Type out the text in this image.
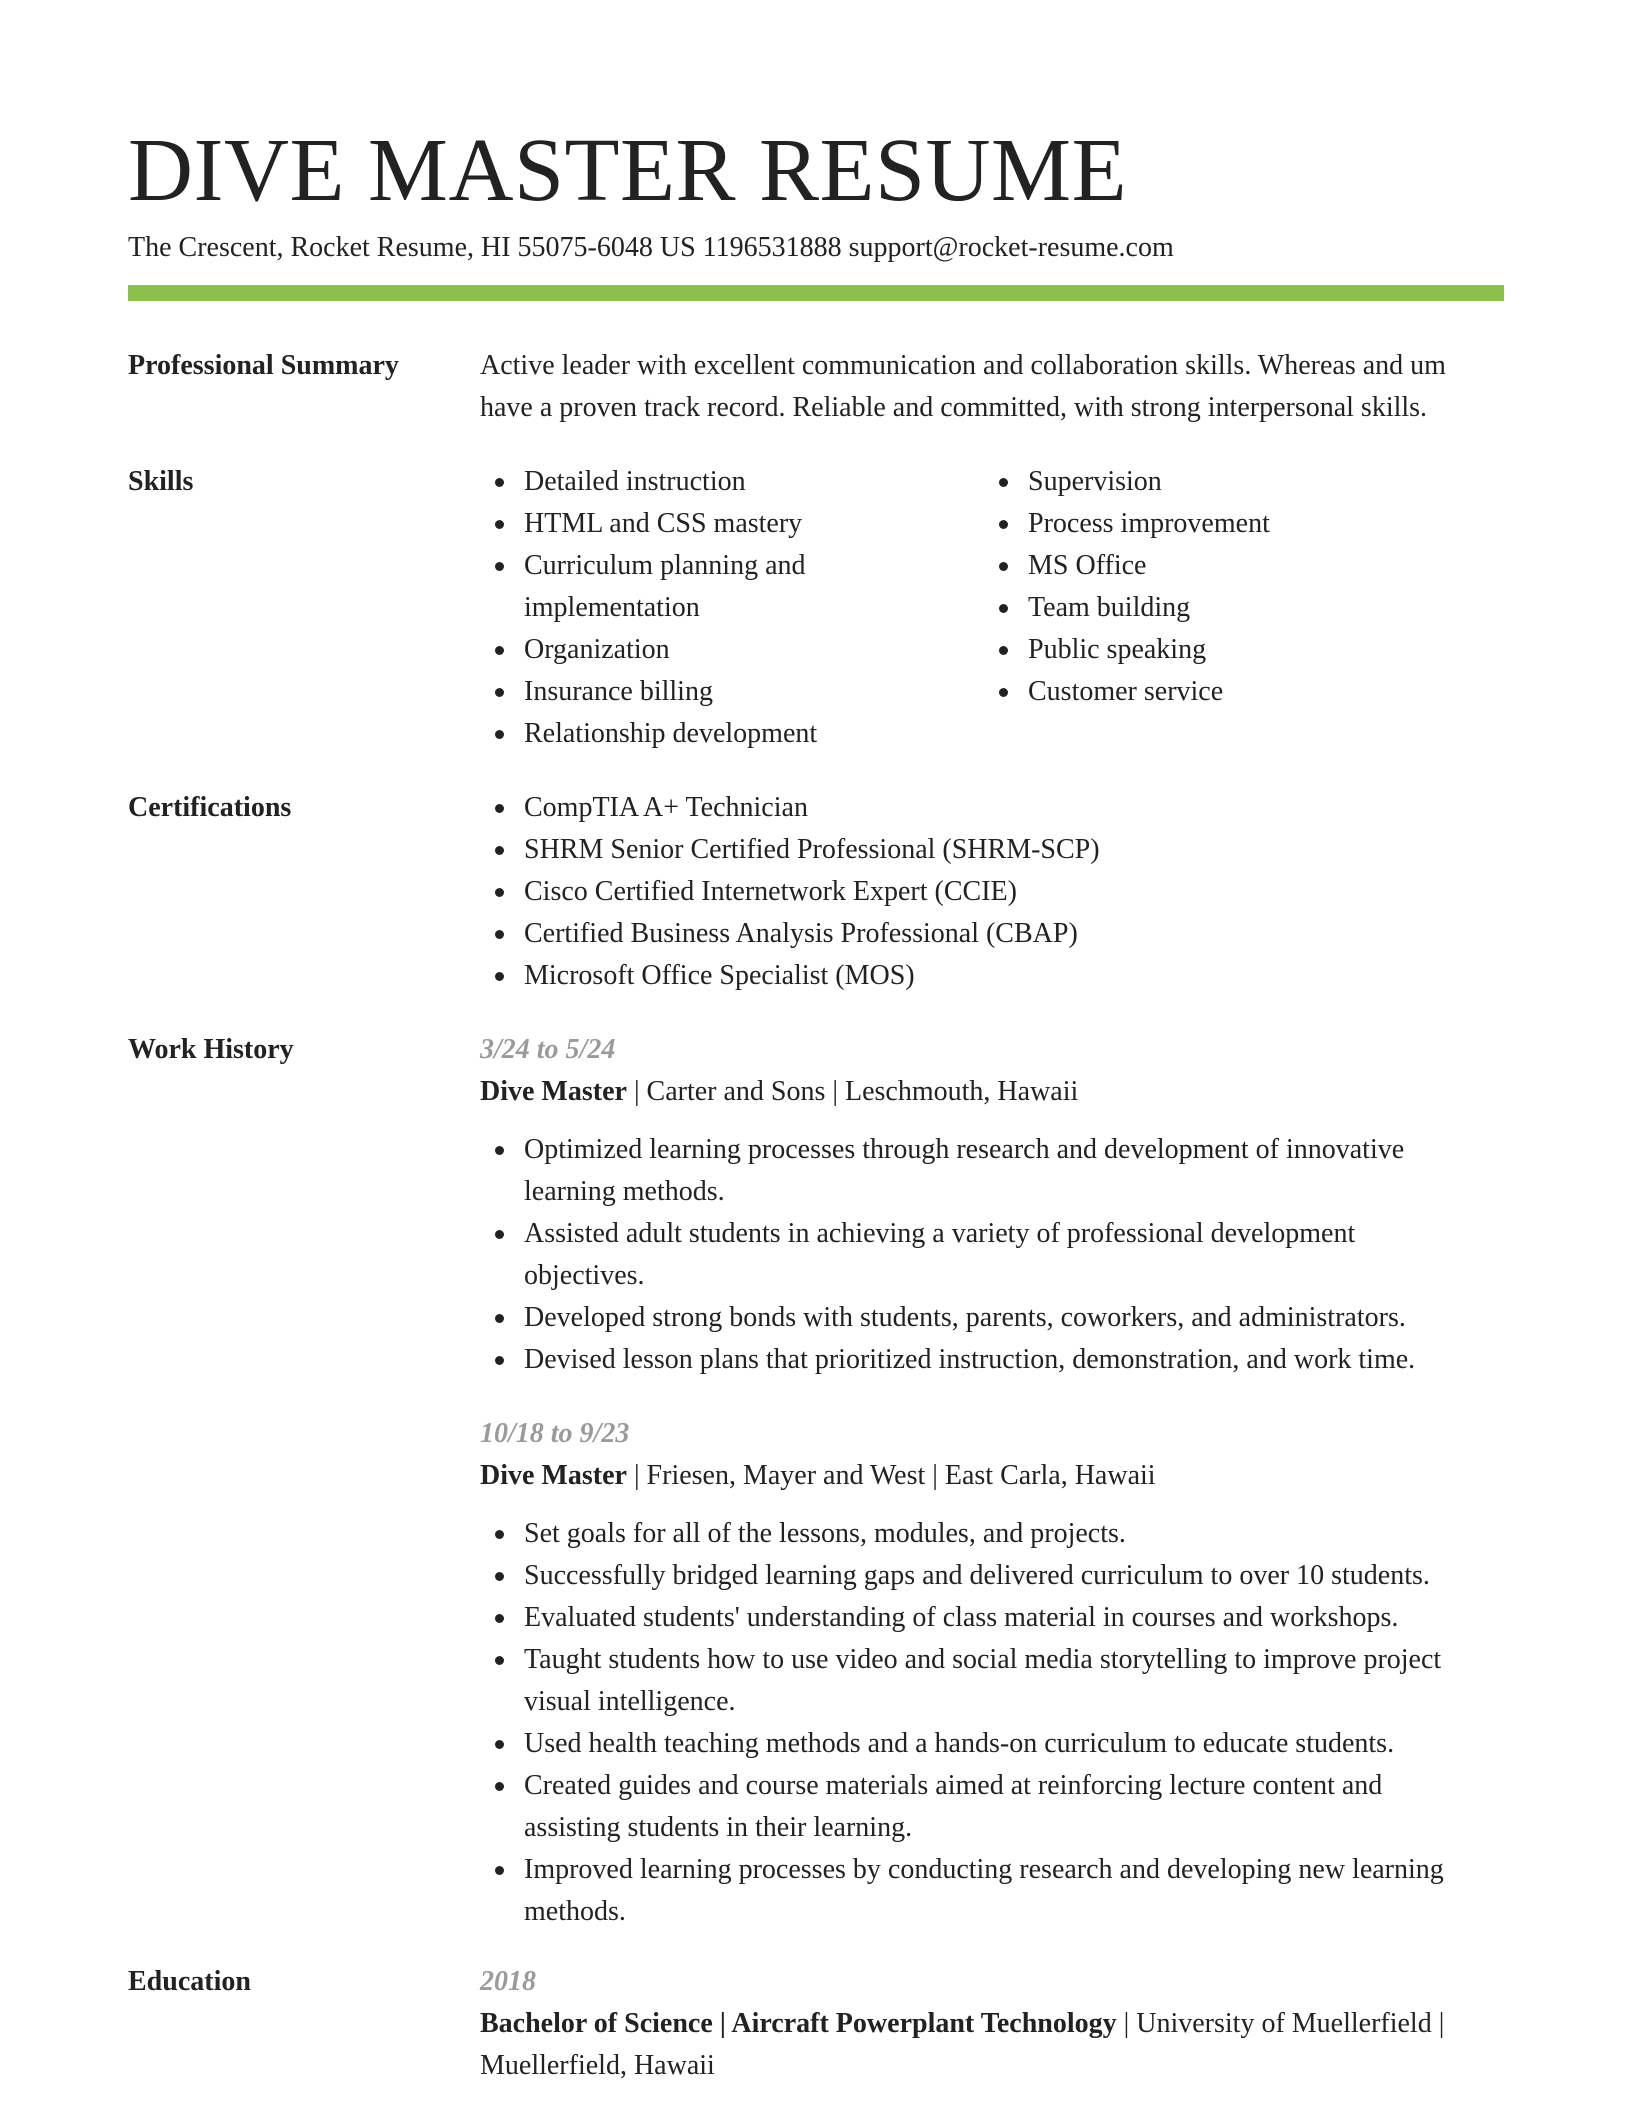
DIVE MASTER RESUME
The Crescent, Rocket Resume, HI 55075-6048 US 1196531888 support@rocket-resume.com
Professional Summary	Active leader with excellent communication and collaboration skills. Whereas and um have a proven track record. Reliable and committed, with strong interpersonal skills.

Skills	Detailed instruction
HTML and CSS mastery
Curriculum planning and implementation
Organization
Insurance billing
Relationship development
Supervision
Process improvement
MS Office
Team building
Public speaking
Customer service
Certifications	CompTIA A+ Technician
SHRM Senior Certified Professional (SHRM-SCP)
Cisco Certified Internetwork Expert (CCIE)
Certified Business Analysis Professional (CBAP)
Microsoft Office Specialist (MOS)
Work History	3/24 to 5/24
Dive Master | Carter and Sons | Leschmouth, Hawaii
Optimized learning processes through research and development of innovative learning methods.
Assisted adult students in achieving a variety of professional development objectives.
Developed strong bonds with students, parents, coworkers, and administrators.
Devised lesson plans that prioritized instruction, demonstration, and work time.
10/18 to 9/23
Dive Master | Friesen, Mayer and West | East Carla, Hawaii
Set goals for all of the lessons, modules, and projects.
Successfully bridged learning gaps and delivered curriculum to over 10 students.
Evaluated students' understanding of class material in courses and workshops.
Taught students how to use video and social media storytelling to improve project visual intelligence.
Used health teaching methods and a hands-on curriculum to educate students.
Created guides and course materials aimed at reinforcing lecture content and assisting students in their learning.
Improved learning processes by conducting research and developing new learning methods.
Education	2018
Bachelor of Science | Aircraft Powerplant Technology | University of Muellerfield | Muellerfield, Hawaii
